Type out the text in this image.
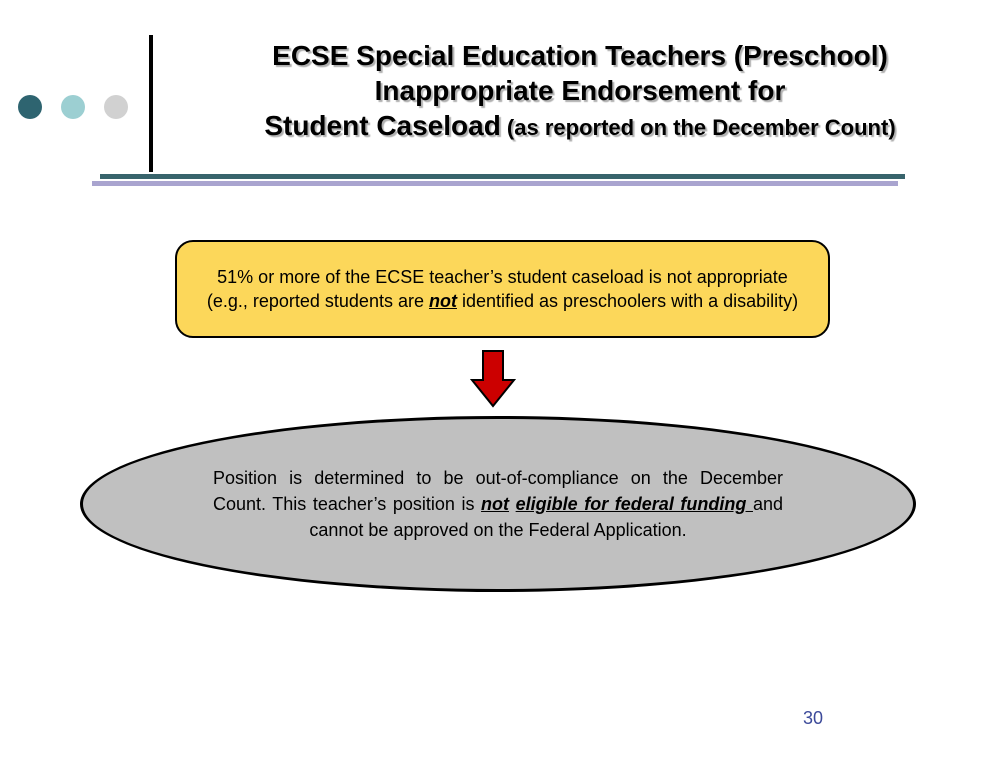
ECSE Special Education Teachers (Preschool)
Inappropriate Endorsement for
Student Caseload (as reported on the December Count)
51% or more of the ECSE teacher’s student caseload is not appropriate (e.g., reported students are not identified as preschoolers with a disability)
Position is determined to be out-of-compliance on the December Count. This teacher’s position is not eligible for federal funding and cannot be approved on the Federal Application.
30
